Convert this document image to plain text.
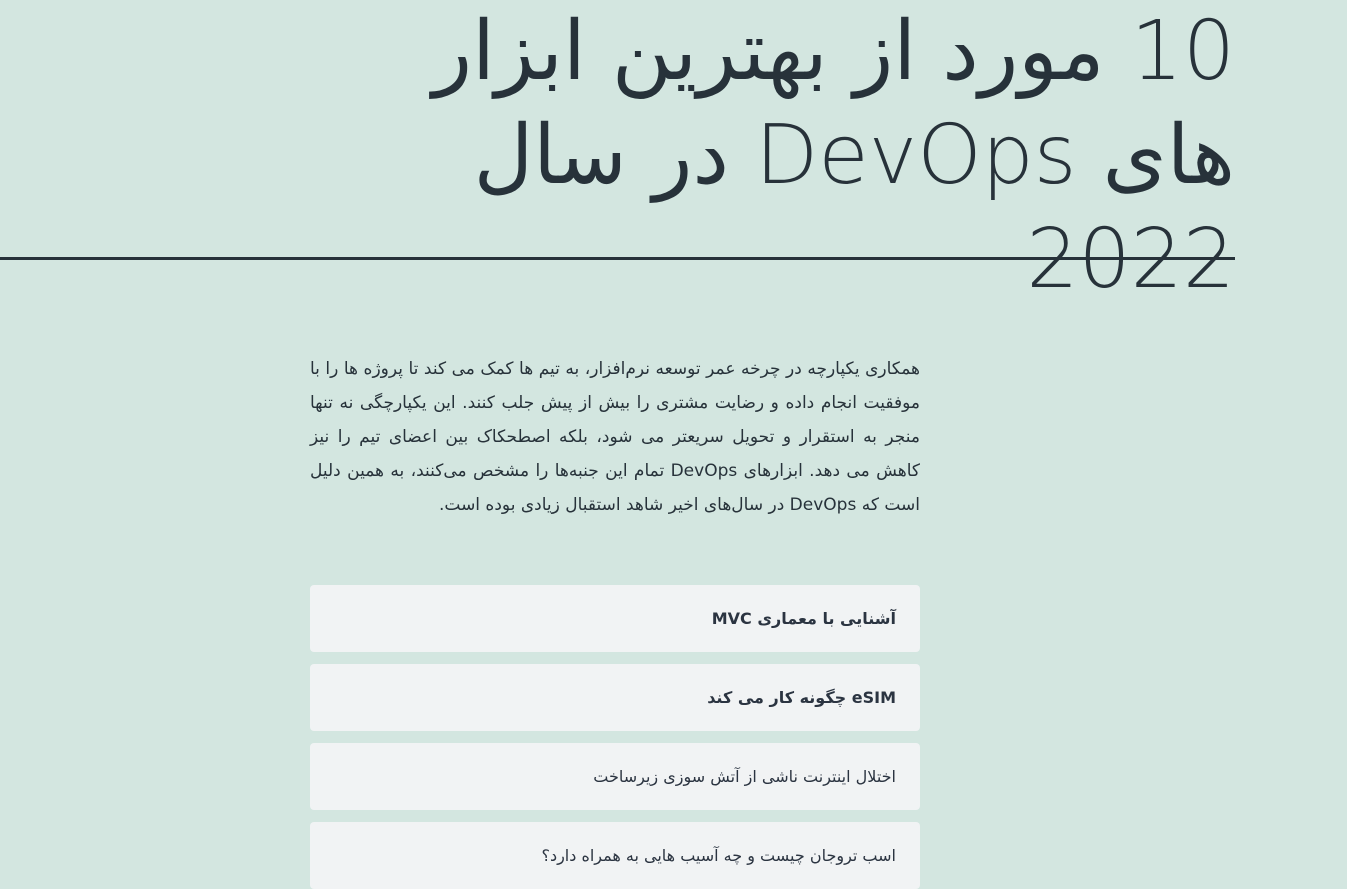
10 مورد از بهترین ابزار های DevOps در سال 2022

همکاری یکپارچه در چرخه عمر توسعه نرم‌افزار، به تیم ها کمک می کند تا پروژه ها را با موفقیت انجام داده و رضایت مشتری را بیش از پیش جلب کنند. این یکپارچگی نه تنها منجر به استقرار و تحویل سریعتر می شود، بلکه اصطحکاک بین اعضای تیم را نیز کاهش می دهد. ابزارهای DevOps تمام این جنبه‌ها را مشخص می‌کنند، به همین دلیل است که DevOps در سال‌های اخیر شاهد استقبال زیادی بوده است.

آشنایی با معماری MVC
eSIM چگونه کار می کند
اختلال اینترنت ناشی از آتش سوزی زیرساخت
اسب تروجان چیست و چه آسیب هایی به همراه دارد؟
